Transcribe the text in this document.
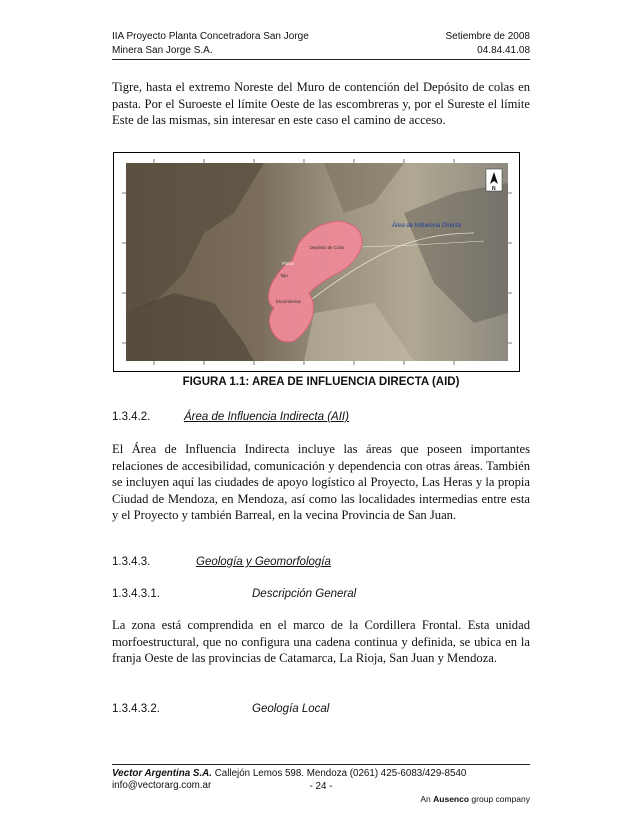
IIA Proyecto Planta Concetradora San Jorge	Setiembre de 2008
Minera San Jorge S.A.	04.84.41.08
Tigre, hasta el extremo Noreste del Muro de contención del Depósito de colas en pasta. Por el Suroeste el límite Oeste de las escombreras y, por el Sureste el límite Este de las mismas, sin interesar en este caso el camino de acceso.
Área de Influencia Directa
Depósito de Colas
Tajo
Planta
Escombreras
N
FIGURA 1.1: AREA DE INFLUENCIA DIRECTA (AID)
1.3.4.2.	Área de Influencia Indirecta (AII)
El Área de Influencia Indirecta incluye las áreas que poseen importantes relaciones de accesibilidad, comunicación y dependencia con otras áreas. También se incluyen aquí las ciudades de apoyo logístico al Proyecto, Las Heras y la propia Ciudad de Mendoza, en Mendoza, así como las localidades intermedias entre esta y el Proyecto y también Barreal, en la vecina Provincia de San Juan.
1.3.4.3.	Geología y Geomorfología
1.3.4.3.1.	Descripción General
La zona está comprendida en el marco de la Cordillera Frontal. Esta unidad morfoestructural, que no configura una cadena continua y definida, se ubica en la franja Oeste de las provincias de Catamarca, La Rioja, San Juan y Mendoza.
1.3.4.3.2.	Geología Local
Vector Argentina S.A. Callejón Lemos 598. Mendoza (0261) 425-6083/429-8540 info@vectorarg.com.ar	- 24 -
An Ausenco group company
